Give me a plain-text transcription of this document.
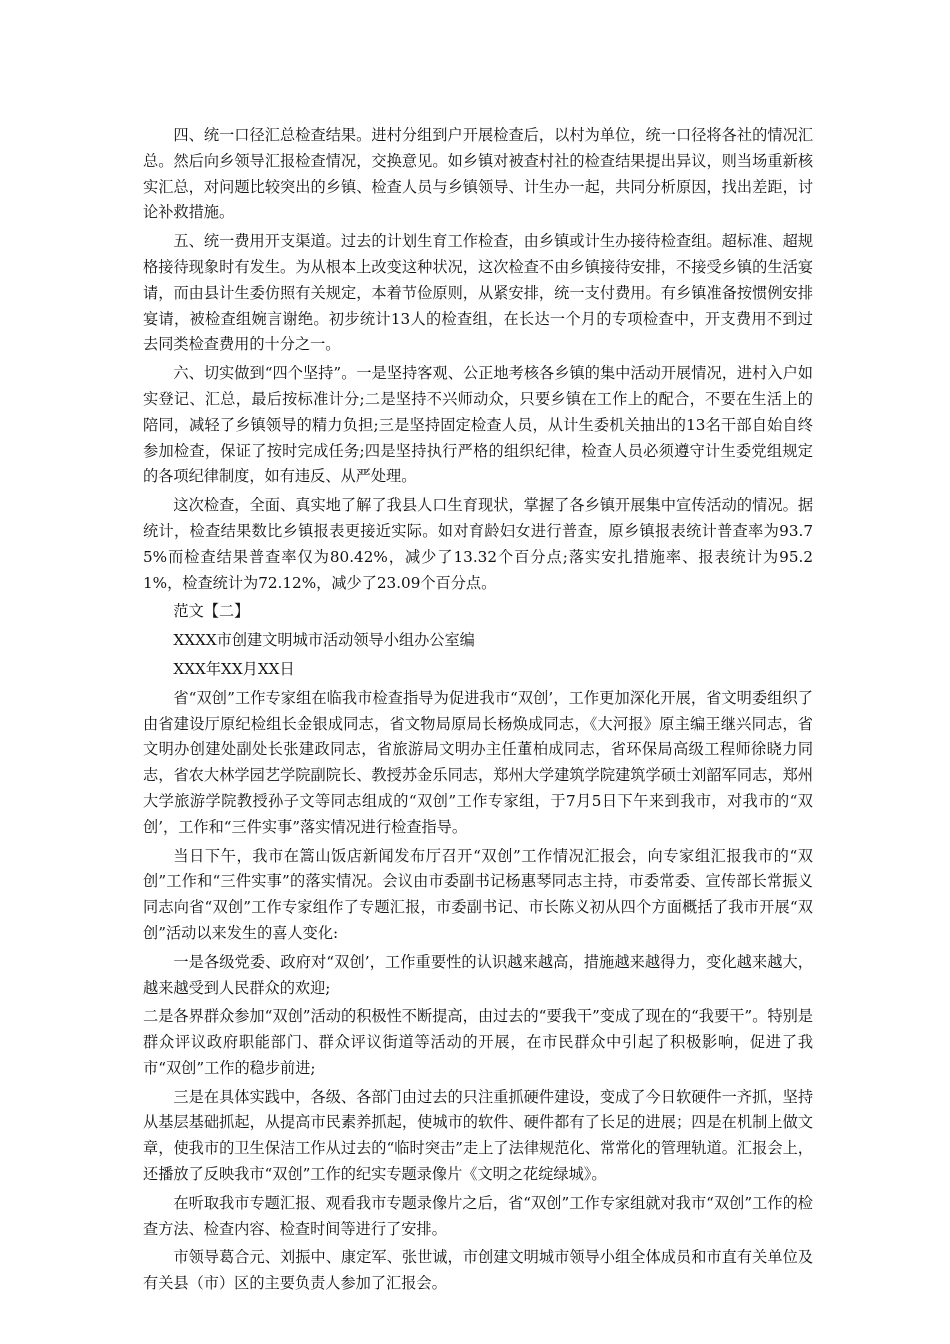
四、统一口径汇总检查结果。进村分组到户开展检查后，以村为单位，统一口径将各社的情况汇总。然后向乡领导汇报检查情况，交换意见。如乡镇对被查村社的检查结果提出异议，则当场重新核实汇总，对问题比较突出的乡镇、检查人员与乡镇领导、计生办一起，共同分析原因，找出差距，讨论补救措施。

五、统一费用开支渠道。过去的计划生育工作检查，由乡镇或计生办接待检查组。超标准、超规格接待现象时有发生。为从根本上改变这种状况，这次检查不由乡镇接待安排，不接受乡镇的生活宴请，而由县计生委仿照有关规定，本着节俭原则，从紧安排，统一支付费用。有乡镇准备按惯例安排宴请，被检查组婉言谢绝。初步统计13人的检查组，在长达一个月的专项检查中，开支费用不到过去同类检查费用的十分之一。

六、切实做到“四个坚持”。一是坚持客观、公正地考核各乡镇的集中活动开展情况，进村入户如实登记、汇总，最后按标准计分;二是坚持不兴师动众，只要乡镇在工作上的配合，不要在生活上的陪同，减轻了乡镇领导的精力负担;三是坚持固定检查人员，从计生委机关抽出的13名干部自始自终参加检查，保证了按时完成任务;四是坚持执行严格的组织纪律，检查人员必须遵守计生委党组规定的各项纪律制度，如有违反、从严处理。

这次检查，全面、真实地了解了我县人口生育现状，掌握了各乡镇开展集中宣传活动的情况。据统计，检查结果数比乡镇报表更接近实际。如对育龄妇女进行普查，原乡镇报表统计普查率为93.75%而检查结果普查率仅为80.42%，减少了13.32个百分点;落实安扎措施率、报表统计为95.21%，检查统计为72.12%，减少了23.09个百分点。

范文【二】

XXXX市创建文明城市活动领导小组办公室编

XXX年XX月XX日

省“双创”工作专家组在临我市检查指导为促进我市“双创’，工作更加深化开展，省文明委组织了由省建设厅原纪检组长金银成同志，省文物局原局长杨焕成同志，《大河报》原主编王继兴同志，省文明办创建处副处长张建政同志，省旅游局文明办主任董柏成同志，省环保局高级工程师徐晓力同志，省农大林学园艺学院副院长、教授苏金乐同志，郑州大学建筑学院建筑学硕士刘韶军同志，郑州大学旅游学院教授孙子文等同志组成的“双创”工作专家组，于7月5日下午来到我市，对我市的“双创’，工作和“三件实事”落实情况进行检查指导。

当日下午，我市在篙山饭店新闻发布厅召开“双创”工作情况汇报会，向专家组汇报我市的“双创”工作和“三件实事”的落实情况。会议由市委副书记杨惠琴同志主持，市委常委、宣传部长常振义同志向省“双创”工作专家组作了专题汇报，市委副书记、市长陈义初从四个方面概括了我市开展“双创”活动以来发生的喜人变化:

一是各级党委、政府对“双创’，工作重要性的认识越来越高，措施越来越得力，变化越来越大，越来越受到人民群众的欢迎;

二是各界群众参加“双创”活动的积极性不断提高，由过去的“要我干”变成了现在的“我要干”。特别是群众评议政府职能部门、群众评议街道等活动的开展，在市民群众中引起了积极影响，促进了我市“双创”工作的稳步前进;

三是在具体实践中，各级、各部门由过去的只注重抓硬件建设，变成了今日软硬件一齐抓，坚持从基层基础抓起，从提高市民素养抓起，使城市的软件、硬件都有了长足的进展；四是在机制上做文章，使我市的卫生保洁工作从过去的“临时突击”走上了法律规范化、常常化的管理轨道。汇报会上，还播放了反映我市“双创”工作的纪实专题录像片《文明之花绽绿城》。

在听取我市专题汇报、观看我市专题录像片之后，省“双创”工作专家组就对我市“双创”工作的检查方法、检查内容、检查时间等进行了安排。

市领导葛合元、刘振中、康定军、张世诚，市创建文明城市领导小组全体成员和市直有关单位及有关县（市）区的主要负责人参加了汇报会。
